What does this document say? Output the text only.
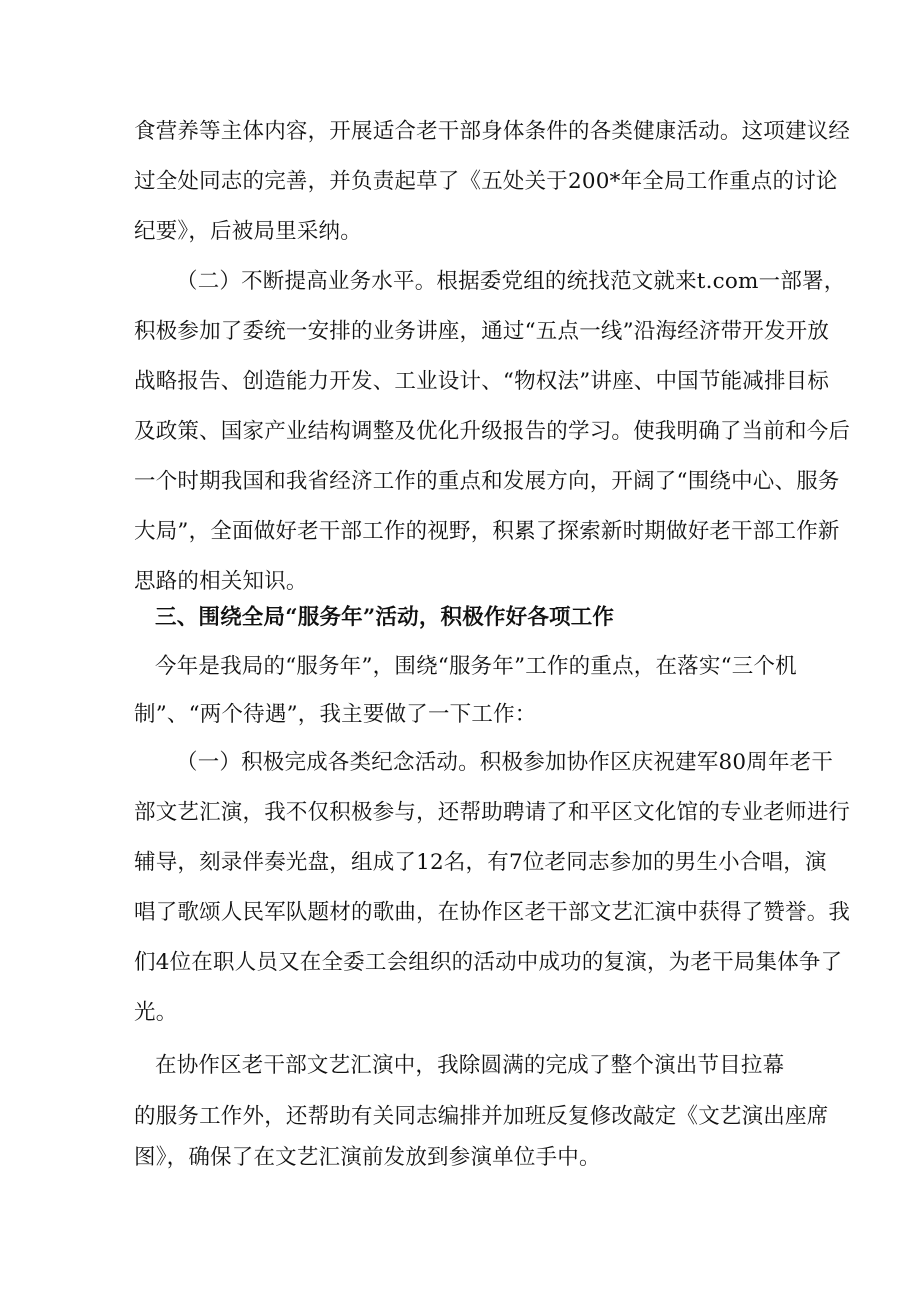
食营养等主体内容，开展适合老干部身体条件的各类健康活动。这项建议经
过全处同志的完善，并负责起草了《五处关于200*年全局工作重点的讨论
纪要》，后被局里采纳。
（二）不断提高业务水平。根据委党组的统找范文就来t.com一部署，
积极参加了委统一安排的业务讲座，通过“五点一线”沿海经济带开发开放
战略报告、创造能力开发、工业设计、“物权法”讲座、中国节能减排目标
及政策、国家产业结构调整及优化升级报告的学习。使我明确了当前和今后
一个时期我国和我省经济工作的重点和发展方向，开阔了“围绕中心、服务
大局”，全面做好老干部工作的视野，积累了探索新时期做好老干部工作新
思路的相关知识。
三、围绕全局“服务年”活动，积极作好各项工作
今年是我局的“服务年”，围绕“服务年”工作的重点，在落实“三个机
制”、“两个待遇”，我主要做了一下工作：
（一）积极完成各类纪念活动。积极参加协作区庆祝建军80周年老干
部文艺汇演，我不仅积极参与，还帮助聘请了和平区文化馆的专业老师进行
辅导，刻录伴奏光盘，组成了12名，有7位老同志参加的男生小合唱，演
唱了歌颂人民军队题材的歌曲，在协作区老干部文艺汇演中获得了赞誉。我
们4位在职人员又在全委工会组织的活动中成功的复演，为老干局集体争了
光。
在协作区老干部文艺汇演中，我除圆满的完成了整个演出节目拉幕
的服务工作外，还帮助有关同志编排并加班反复修改敲定《文艺演出座席
图》，确保了在文艺汇演前发放到参演单位手中。
